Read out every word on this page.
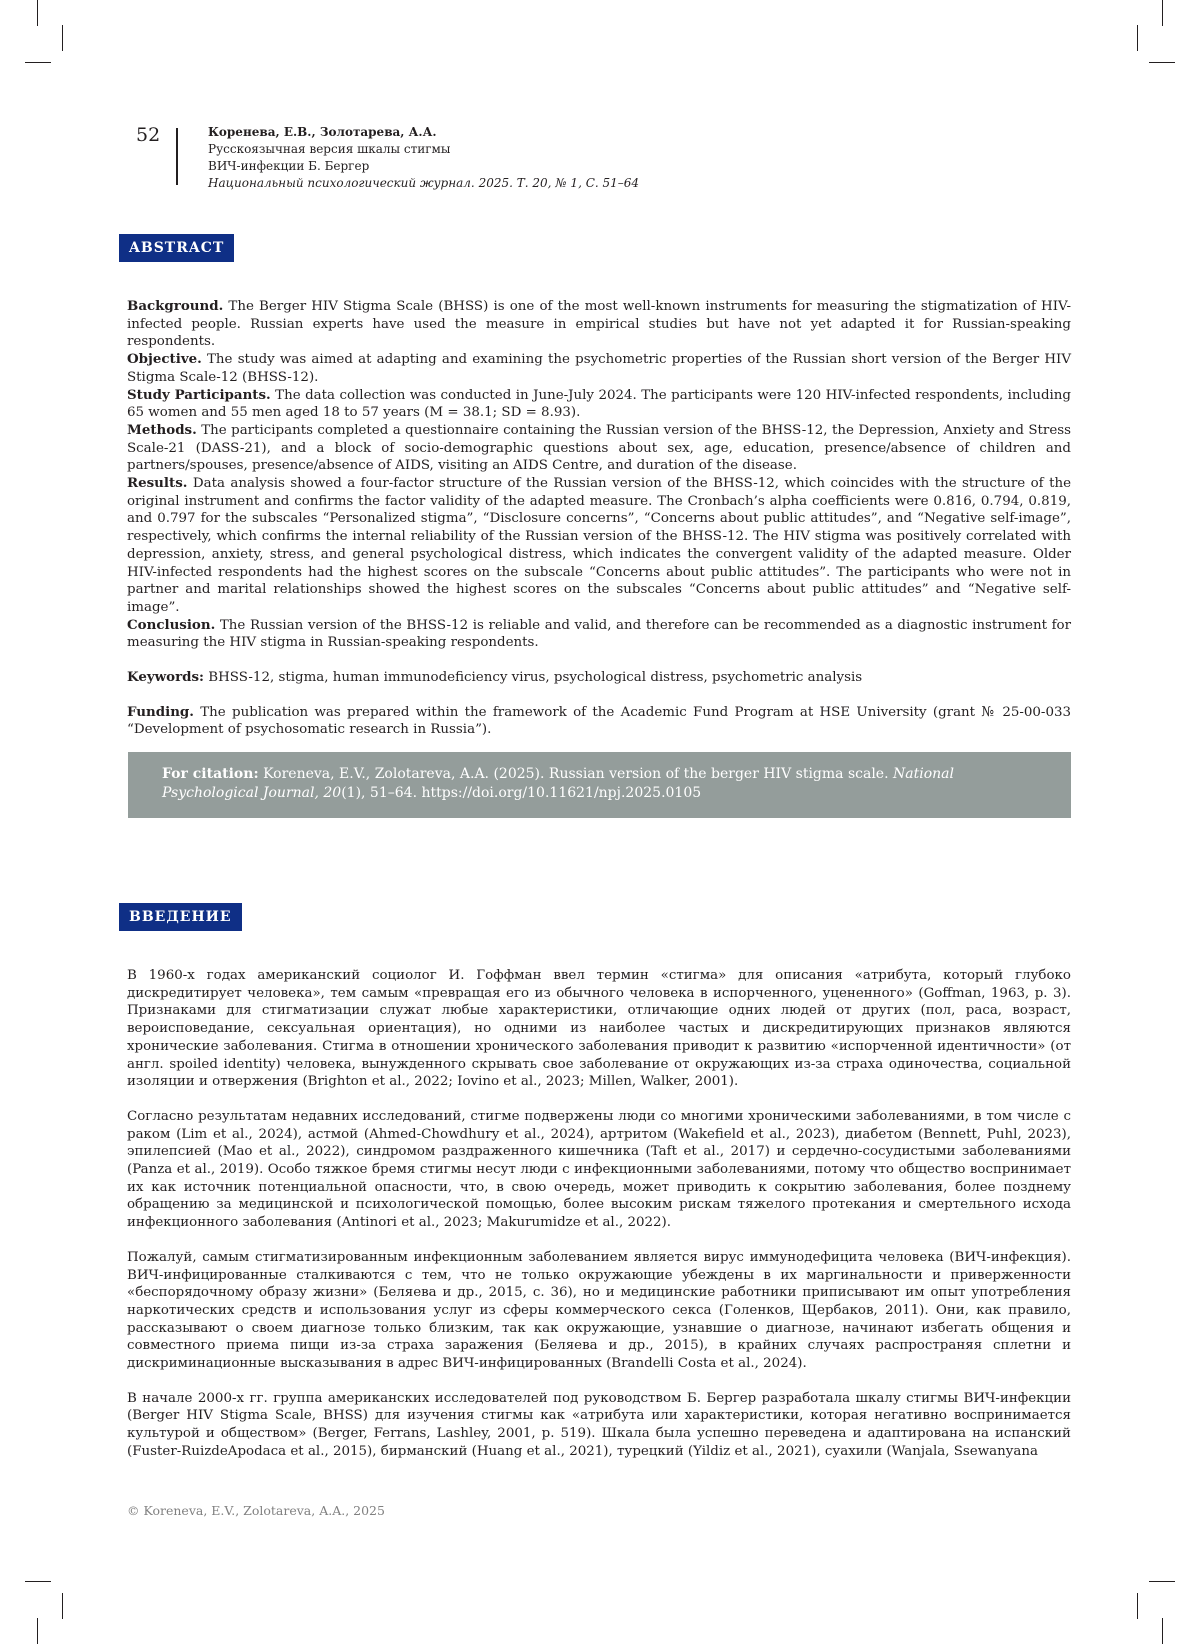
52	Коренева, Е.В., Золотарева, А.А.
Русскоязычная версия шкалы стигмы
ВИЧ-инфекции Б. Бергер
Национальный психологический журнал. 2025. Т. 20, № 1, С. 51–64
ABSTRACT

Background. The Berger HIV Stigma Scale (BHSS) is one of the most well-known instruments for measuring the stigmatization of HIV-infected people. Russian experts have used the measure in empirical studies but have not yet adapted it for Russian-speaking respondents.

Objective. The study was aimed at adapting and examining the psychometric properties of the Russian short version of the Berger HIV Stigma Scale-12 (BHSS-12).

Study Participants. The data collection was conducted in June-July 2024. The participants were 120 HIV-infected respondents, including 65 women and 55 men aged 18 to 57 years (M = 38.1; SD = 8.93).

Methods. The participants completed a questionnaire containing the Russian version of the BHSS-12, the Depression, Anxiety and Stress Scale-21 (DASS-21), and a block of socio-demographic questions about sex, age, education, presence/absence of children and partners/spouses, presence/absence of AIDS, visiting an AIDS Centre, and duration of the disease.

Results. Data analysis showed a four-factor structure of the Russian version of the BHSS-12, which coincides with the structure of the original instrument and confirms the factor validity of the adapted measure. The Cronbach’s alpha coefficients were 0.816, 0.794, 0.819, and 0.797 for the subscales “Personalized stigma”, “Disclosure concerns”, “Concerns about public attitudes”, and “Negative self-image”, respectively, which confirms the internal reliability of the Russian version of the BHSS-12. The HIV stigma was positively correlated with depression, anxiety, stress, and general psychological distress, which indicates the convergent validity of the adapted measure. Older HIV-infected respondents had the highest scores on the subscale “Concerns about public attitudes”. The participants who were not in partner and marital relationships showed the highest scores on the subscales “Concerns about public attitudes” and “Negative self-image”.

Conclusion. The Russian version of the BHSS-12 is reliable and valid, and therefore can be recommended as a diagnostic instrument for measuring the HIV stigma in Russian-speaking respondents.

Keywords: BHSS-12, stigma, human immunodeficiency virus, psychological distress, psychometric analysis

Funding. The publication was prepared within the framework of the Academic Fund Program at HSE University (grant № 25-00-033 “Development of psychosomatic research in Russia”).

For citation: Koreneva, E.V., Zolotareva, A.A. (2025). Russian version of the berger HIV stigma scale. National Psychological Journal, 20(1), 51–64. https://doi.org/10.11621/npj.2025.0105
ВВЕДЕНИЕ

В 1960-х годах американский социолог И. Гоффман ввел термин «стигма» для описания «атрибута, который глубоко дискредитирует человека», тем самым «превращая его из обычного человека в испорченного, уцененного» (Goffman, 1963, p. 3). Признаками для стигматизации служат любые характеристики, отличающие одних людей от других (пол, раса, возраст, вероисповедание, сексуальная ориентация), но одними из наиболее частых и дискредитирующих признаков являются хронические заболевания. Стигма в отношении хронического заболевания приводит к развитию «испорченной идентичности» (от англ. spoiled identity) человека, вынужденного скрывать свое заболевание от окружающих из-за страха одиночества, социальной изоляции и отвержения (Brighton et al., 2022; Iovino et al., 2023; Millen, Walker, 2001).

Согласно результатам недавних исследований, стигме подвержены люди со многими хроническими заболеваниями, в том числе с раком (Lim et al., 2024), астмой (Ahmed-Chowdhury et al., 2024), артритом (Wakefield et al., 2023), диабетом (Bennett, Puhl, 2023), эпилепсией (Mao et al., 2022), синдромом раздраженного кишечника (Taft et al., 2017) и сердечно-сосудистыми заболеваниями (Panza et al., 2019). Особо тяжкое бремя стигмы несут люди с инфекционными заболеваниями, потому что общество воспринимает их как источник потенциальной опасности, что, в свою очередь, может приводить к сокрытию заболевания, более позднему обращению за медицинской и психологической помощью, более высоким рискам тяжелого протекания и смертельного исхода инфекционного заболевания (Antinori et al., 2023; Makurumidze et al., 2022).

Пожалуй, самым стигматизированным инфекционным заболеванием является вирус иммунодефицита человека (ВИЧ-инфекция). ВИЧ-инфицированные сталкиваются с тем, что не только окружающие убеждены в их маргинальности и приверженности «беспорядочному образу жизни» (Беляева и др., 2015, с. 36), но и медицинские работники приписывают им опыт употребления наркотических средств и использования услуг из сферы коммерческого секса (Голенков, Щербаков, 2011). Они, как правило, рассказывают о своем диагнозе только близким, так как окружающие, узнавшие о диагнозе, начинают избегать общения и совместного приема пищи из-за страха заражения (Беляева и др., 2015), в крайних случаях распространяя сплетни и дискриминационные высказывания в адрес ВИЧ-инфицированных (Brandelli Costa et al., 2024).

В начале 2000-х гг. группа американских исследователей под руководством Б. Бергер разработала шкалу стигмы ВИЧ-инфекции (Berger HIV Stigma Scale, BHSS) для изучения стигмы как «атрибута или характеристики, которая негативно воспринимается культурой и обществом» (Berger, Ferrans, Lashley, 2001, p. 519). Шкала была успешно переведена и адаптирована на испанский (Fuster-RuizdeApodaca et al., 2015), бирманский (Huang et al., 2021), турецкий (Yildiz et al., 2021), суахили (Wanjala, Ssewanyana

© Koreneva, E.V., Zolotareva, A.A., 2025
